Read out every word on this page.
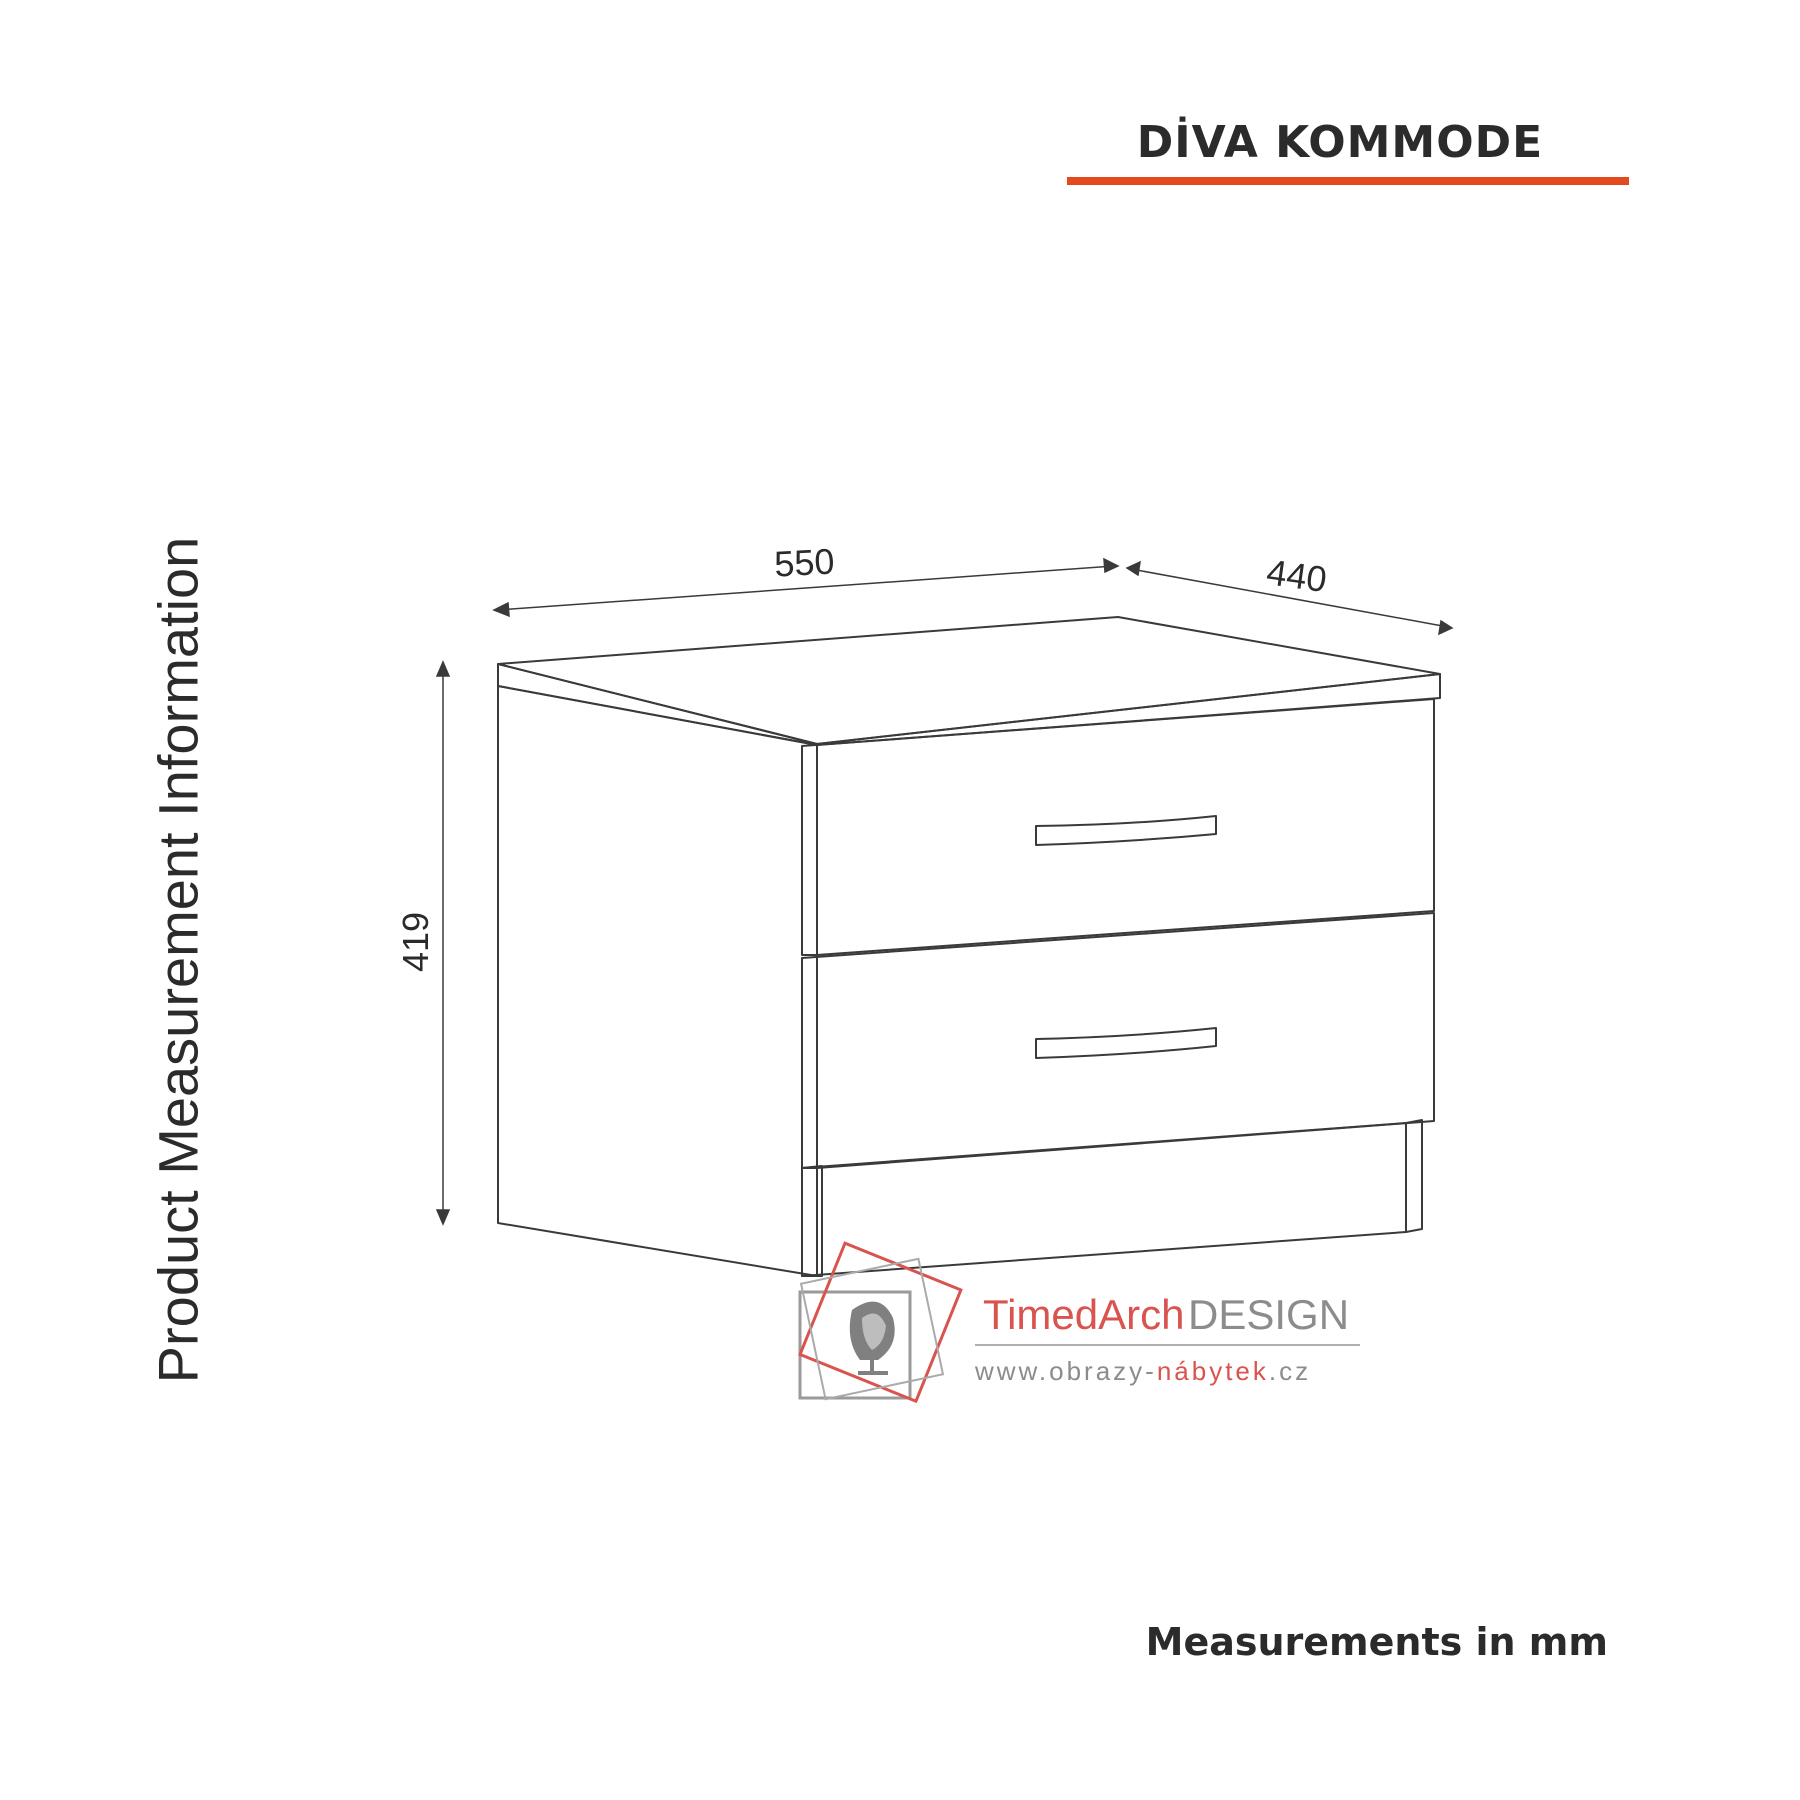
DİVA KOMMODE
Product Measurement Information	550	440
419
TimedArch DESIGN
www.obrazy-nábytek.cz
Measurements in mm
